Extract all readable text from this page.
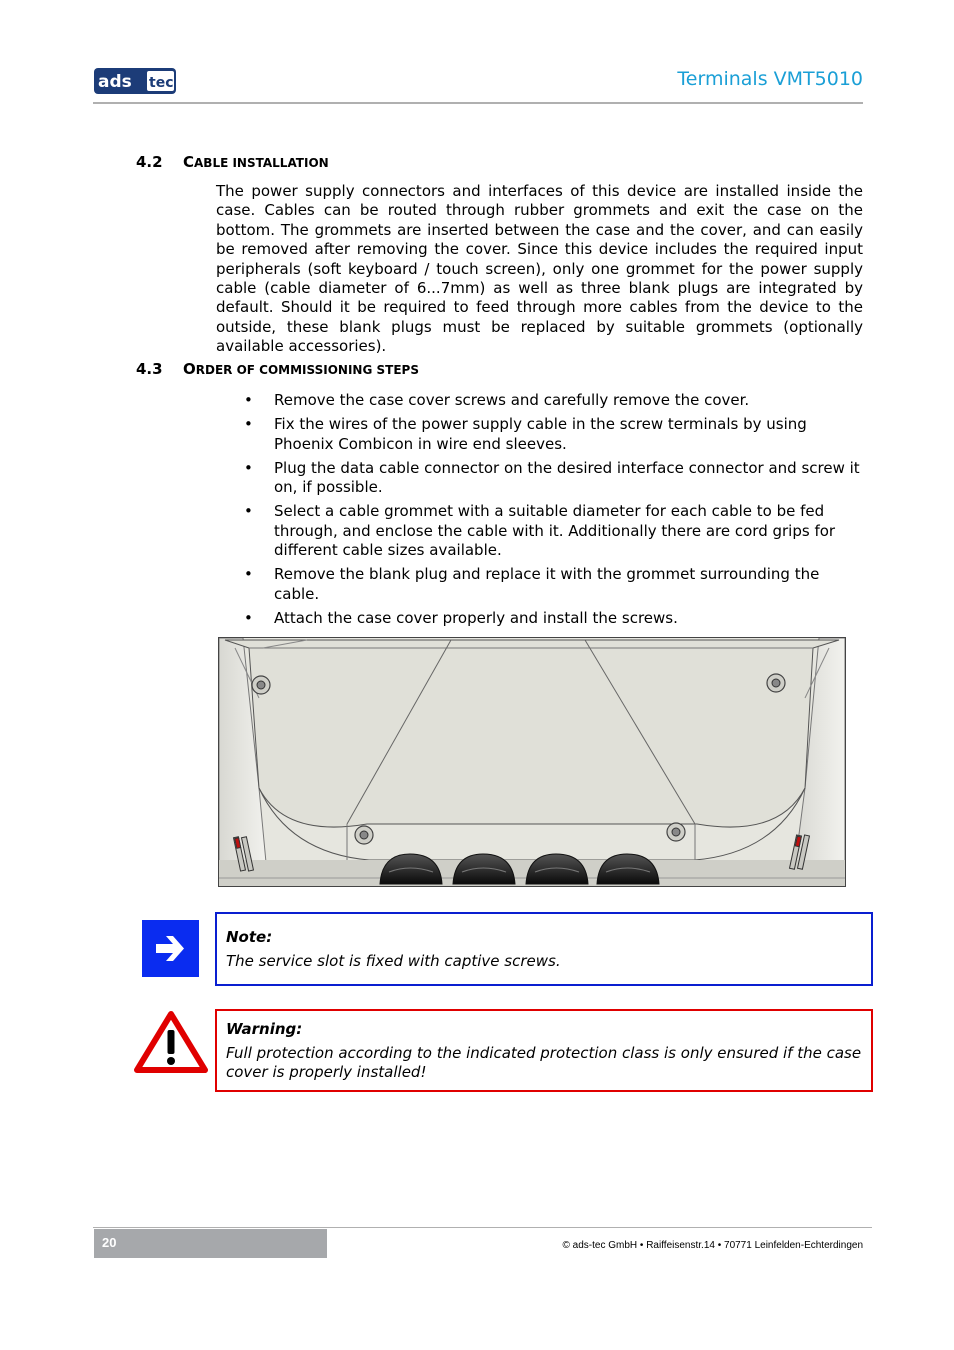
ads tec	Terminals VMT5010
4.2 CABLE INSTALLATION
The power supply connectors and interfaces of this device are installed inside the case. Cables can be routed through rubber grommets and exit the case on the bottom. The grommets are inserted between the case and the cover, and can easily be removed after removing the cover. Since this device includes the required input peripherals (soft keyboard / touch screen), only one grommet for the power supply cable (cable diameter of 6...7mm) as well as three blank plugs are integrated by default. Should it be required to feed through more cables from the device to the outside, these blank plugs must be replaced by suitable grommets (optionally available accessories).
4.3 ORDER OF COMMISSIONING STEPS
• Remove the case cover screws and carefully remove the cover.
• Fix the wires of the power supply cable in the screw terminals by using Phoenix Combicon in wire end sleeves.
• Plug the data cable connector on the desired interface connector and screw it on, if possible.
• Select a cable grommet with a suitable diameter for each cable to be fed through, and enclose the cable with it. Additionally there are cord grips for different cable sizes available.
• Remove the blank plug and replace it with the grommet surrounding the cable.
• Attach the case cover properly and install the screws.
Note:
The service slot is fixed with captive screws.
Warning:
Full protection according to the indicated protection class is only ensured if the case cover is properly installed!
20	© ads-tec GmbH • Raiffeisenstr.14 • 70771 Leinfelden-Echterdingen
